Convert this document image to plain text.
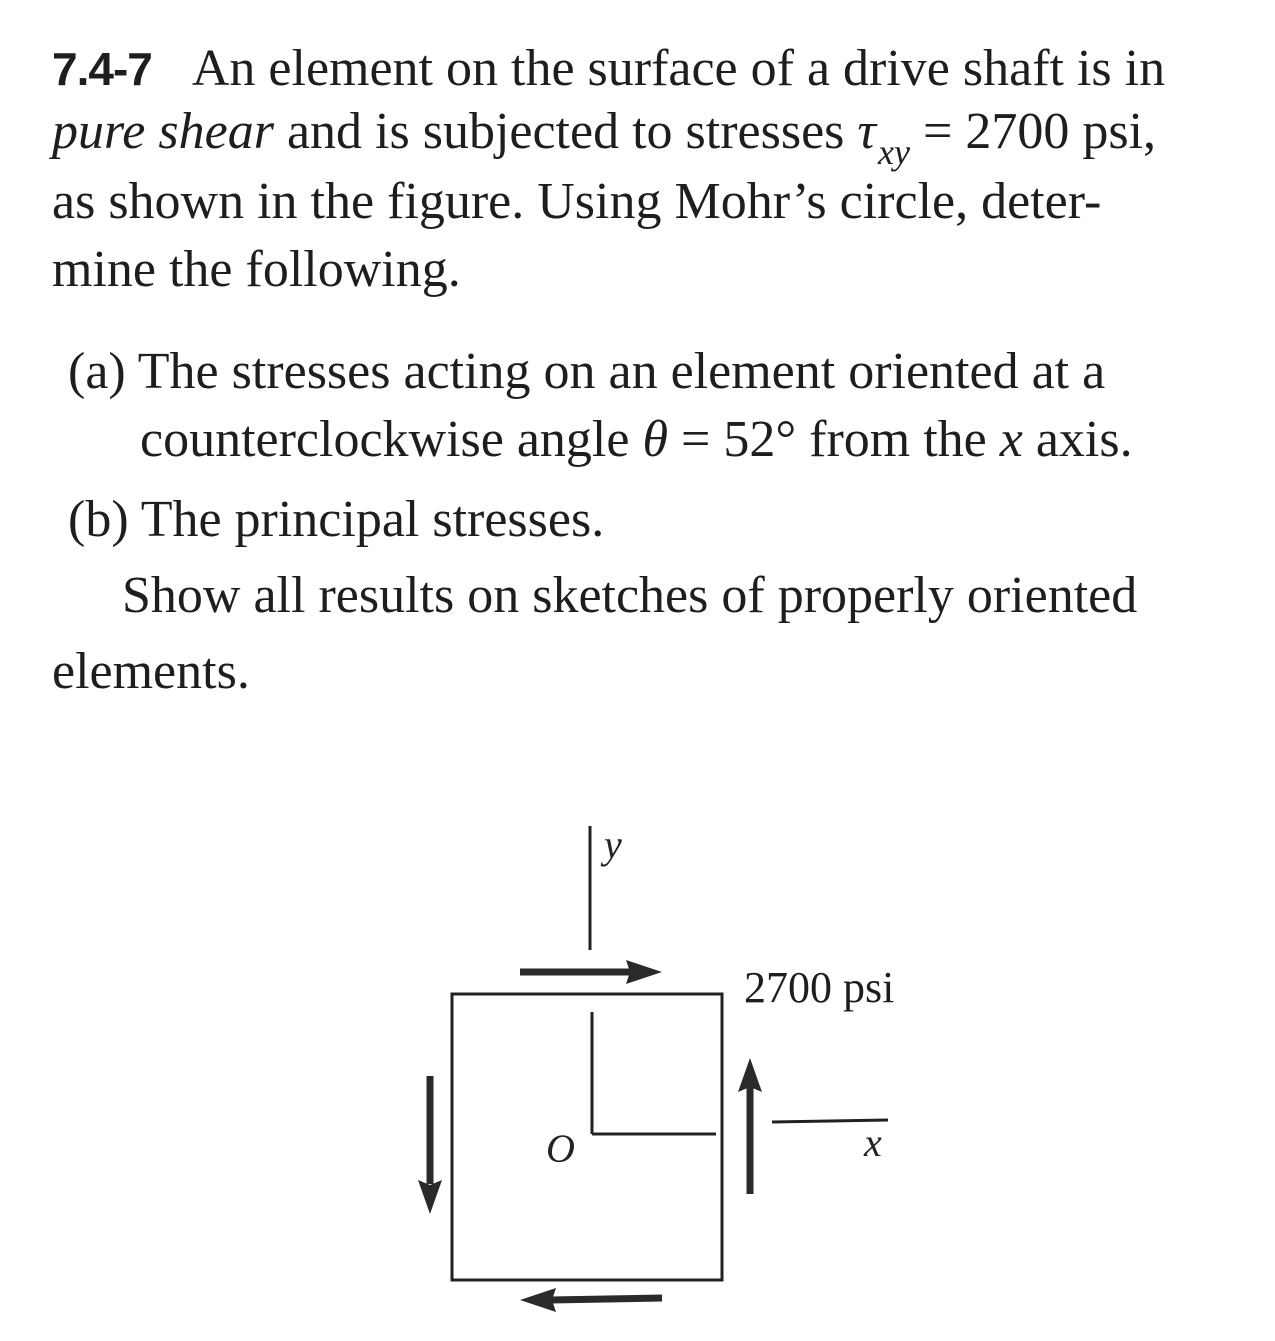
7.4-7 An element on the surface of a drive shaft is in
pure shear and is subjected to stresses $\tau_{xy} = 2700$ psi,
as shown in the figure. Using Mohr’s circle, deter-
mine the following.
(a) The stresses acting on an element oriented at a
counterclockwise angle θ = 52° from the x axis.
(b) The principal stresses.
Show all results on sketches of properly oriented
elements.
y
O	x
2700 psi
